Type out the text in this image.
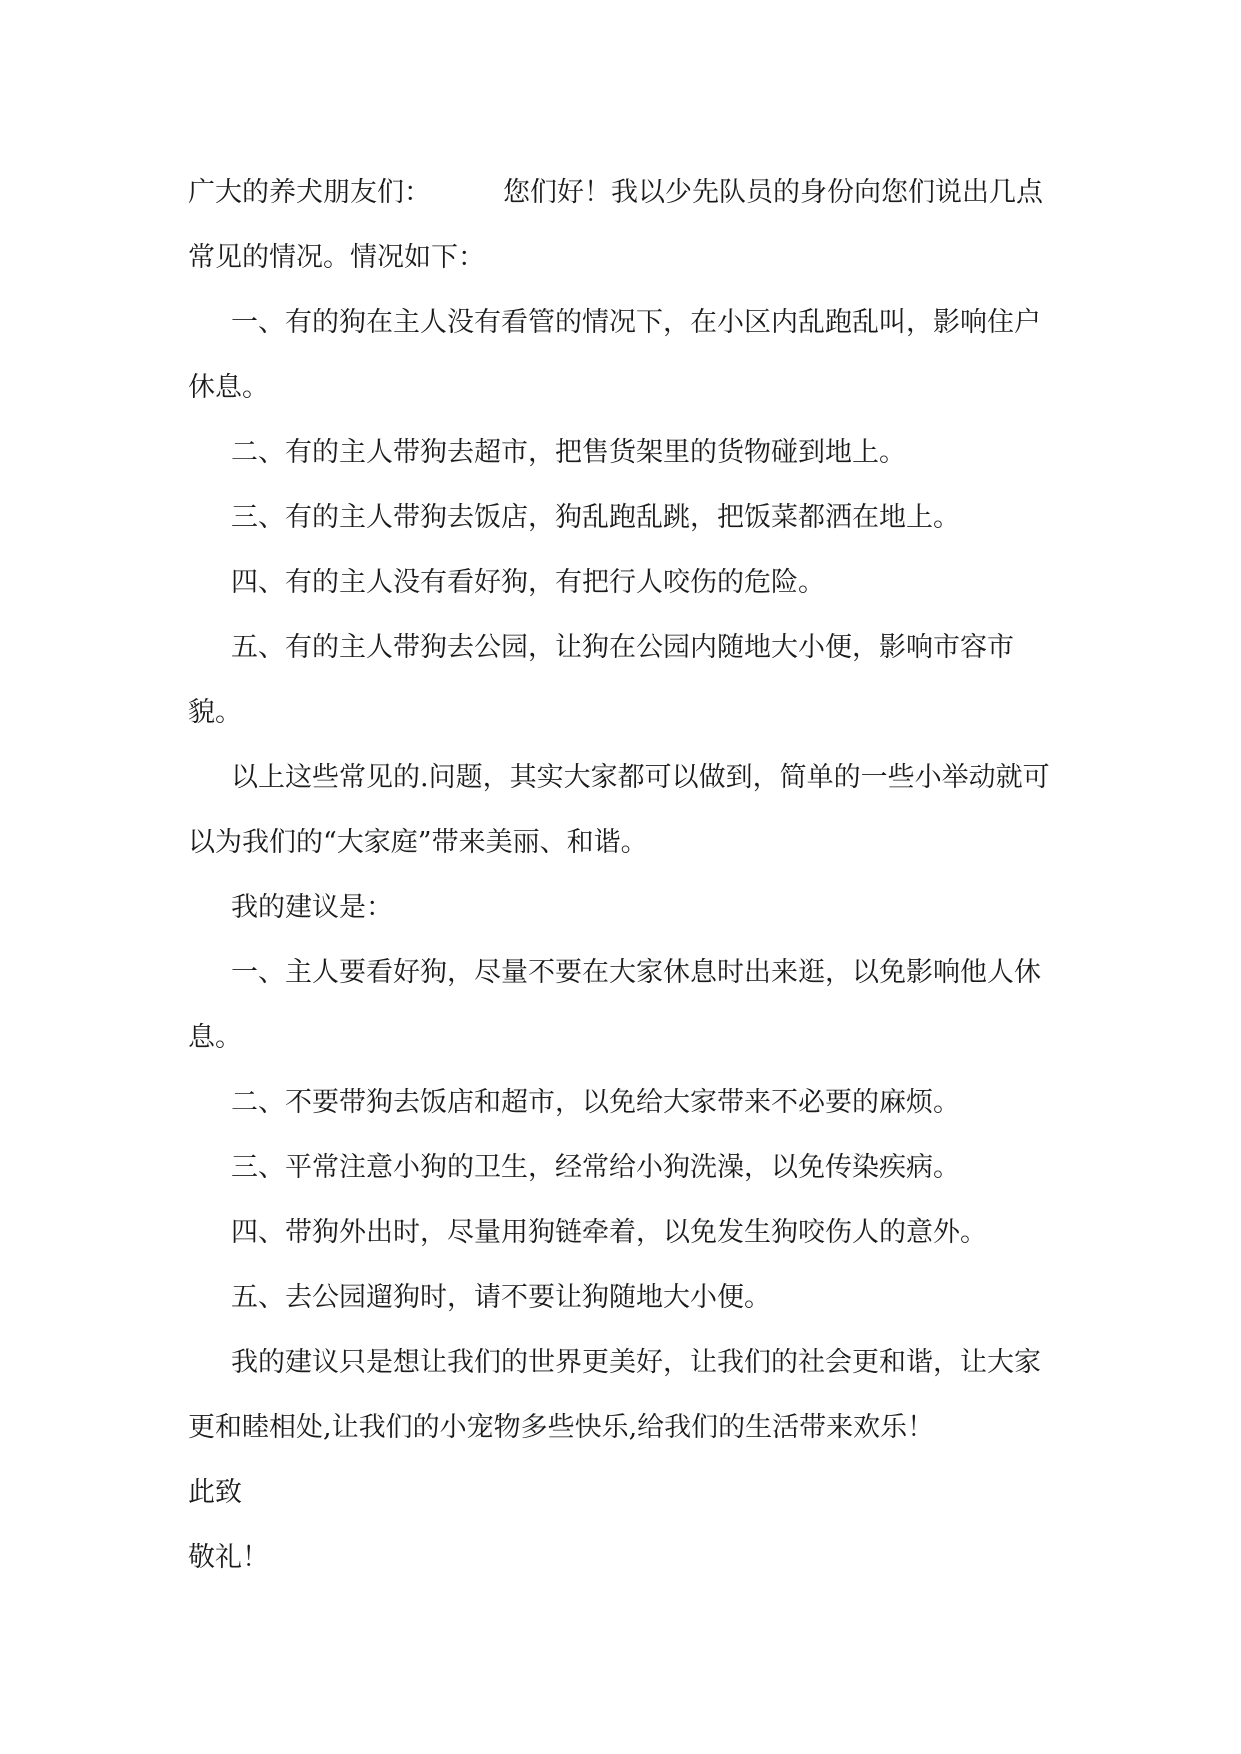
广大的养犬朋友们：	您们好！我以少先队员的身份向您们说出几点常见的情况。情况如下：

一、有的狗在主人没有看管的情况下，在小区内乱跑乱叫，影响住户休息。

二、有的主人带狗去超市，把售货架里的货物碰到地上。

三、有的主人带狗去饭店，狗乱跑乱跳，把饭菜都洒在地上。

四、有的主人没有看好狗，有把行人咬伤的危险。

五、有的主人带狗去公园，让狗在公园内随地大小便，影响市容市貌。

以上这些常见的.问题，其实大家都可以做到，简单的一些小举动就可以为我们的“大家庭”带来美丽、和谐。

我的建议是：

一、主人要看好狗，尽量不要在大家休息时出来逛，以免影响他人休息。

二、不要带狗去饭店和超市，以免给大家带来不必要的麻烦。

三、平常注意小狗的卫生，经常给小狗洗澡，以免传染疾病。

四、带狗外出时，尽量用狗链牵着，以免发生狗咬伤人的意外。

五、去公园遛狗时，请不要让狗随地大小便。

我的建议只是想让我们的世界更美好，让我们的社会更和谐，让大家更和睦相处,让我们的小宠物多些快乐,给我们的生活带来欢乐！

此致

敬礼！
